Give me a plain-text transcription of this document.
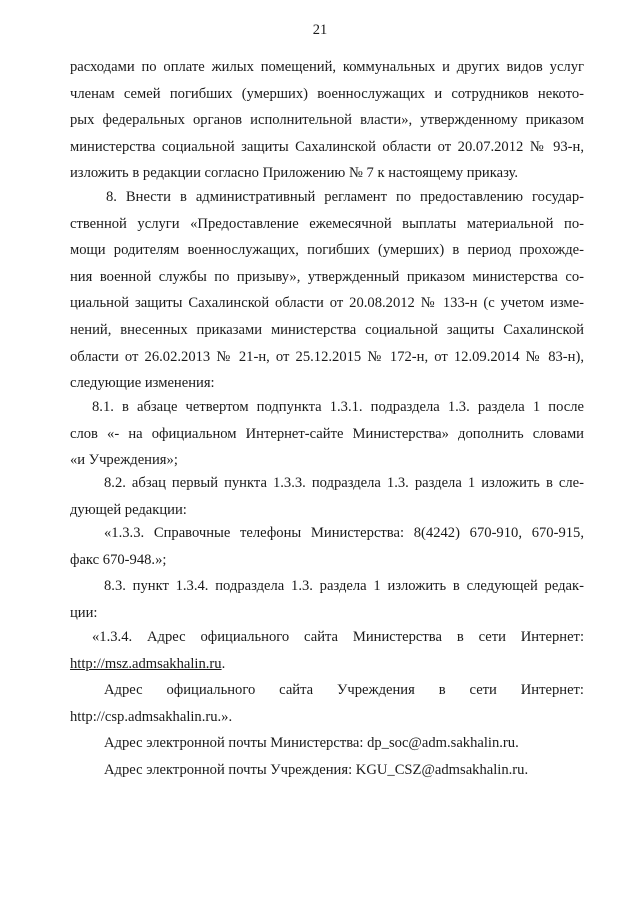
21
расходами по оплате жилых помещений, коммунальных и других видов услуг
членам семей погибших (умерших) военнослужащих и сотрудников некото-
рых федеральных органов исполнительной власти», утвержденному приказом
министерства социальной защиты Сахалинской области от 20.07.2012 № 93-н,
изложить в редакции согласно Приложению № 7 к настоящему приказу.
8. Внести в административный регламент по предоставлению государ-
ственной услуги «Предоставление ежемесячной выплаты материальной по-
мощи родителям военнослужащих, погибших (умерших) в период прохожде-
ния военной службы по призыву», утвержденный приказом министерства со-
циальной защиты Сахалинской области от 20.08.2012 № 133-н (с учетом изме-
нений, внесенных приказами министерства социальной защиты Сахалинской
области от 26.02.2013 № 21-н, от 25.12.2015 № 172-н, от 12.09.2014 № 83-н),
следующие изменения:
8.1. в абзаце четвертом подпункта 1.3.1. подраздела 1.3. раздела 1 после
слов «- на официальном Интернет-сайте Министерства» дополнить словами
«и Учреждения»;
8.2. абзац первый пункта 1.3.3. подраздела 1.3. раздела 1 изложить в сле-
дующей редакции:
«1.3.3. Справочные телефоны Министерства: 8(4242) 670-910, 670-915,
факс 670-948.»;
8.3. пункт 1.3.4. подраздела 1.3. раздела 1 изложить в следующей редак-
ции:
«1.3.4. Адрес официального сайта Министерства в сети Интернет:
http://msz.admsakhalin.ru.
Адрес официального сайта Учреждения в сети Интернет:
http://csp.admsakhalin.ru.».
Адрес электронной почты Министерства: dp_soc@adm.sakhalin.ru.
Адрес электронной почты Учреждения: KGU_CSZ@admsakhalin.ru.
